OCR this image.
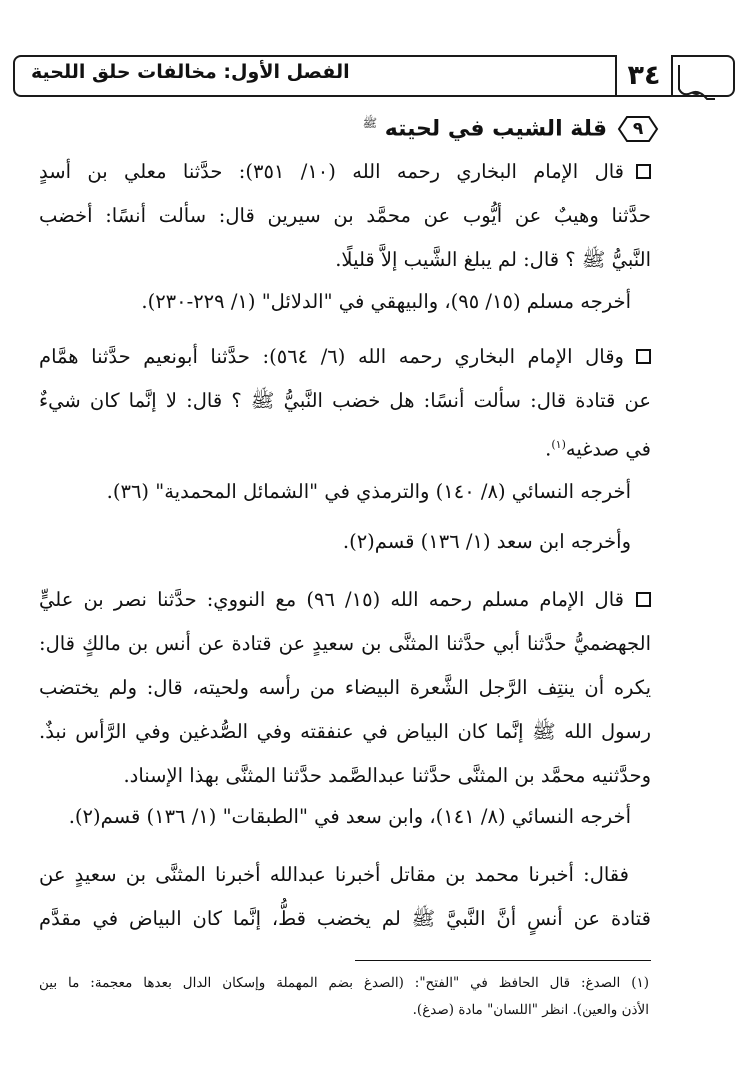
٣٤
الفصل الأول: مخالفات حلق اللحية
٩
قلة الشيب في لحيته $^ﷺ$
قال الإمام البخاري رحمه الله (١٠/ ٣٥١): حدَّثنا معلي بن أسدٍ
حدَّثنا وهيبٌ عن أيُّوب عن محمَّد بن سيرين قال: سألت أنسًا: أخضب
النَّبيُّ ﷺ ؟ قال: لم يبلغ الشَّيب إلاَّ قليلًا.
أخرجه مسلم (١٥/ ٩٥)، والبيهقي في "الدلائل" (١/ ٢٢٩-٢٣٠).
وقال الإمام البخاري رحمه الله (٦/ ٥٦٤): حدَّثنا أبونعيم حدَّثنا همَّام
عن قتادة قال: سألت أنسًا: هل خضب النَّبيُّ ﷺ ؟ قال: لا إنَّما كان شيءٌ
في صدغيه$^{(١)}$.
أخرجه النسائي (٨/ ١٤٠) والترمذي في "الشمائل المحمدية" (٣٦).
وأخرجه ابن سعد (١/ ١٣٦) قسم(٢).
قال الإمام مسلم رحمه الله (١٥/ ٩٦) مع النووي: حدَّثنا نصر بن عليٍّ
الجهضميُّ حدَّثنا أبي حدَّثنا المثنَّى بن سعيدٍ عن قتادة عن أنس بن مالكٍ قال:
يكره أن ينتِف الرَّجل الشَّعرة البيضاء من رأسه ولحيته، قال: ولم يختضب
رسول الله ﷺ إنَّما كان البياض في عنفقته وفي الصُّدغين وفي الرَّأس نبذٌ.
وحدَّثنيه محمَّد بن المثنَّى حدَّثنا عبدالصَّمد حدَّثنا المثنَّى بهذا الإسناد.
أخرجه النسائي (٨/ ١٤١)، وابن سعد في "الطبقات" (١/ ١٣٦) قسم(٢).
فقال: أخبرنا محمد بن مقاتل أخبرنا عبدالله أخبرنا المثنَّى بن سعيدٍ عن
قتادة عن أنسٍ أنَّ النَّبيَّ ﷺ لم يخضب قطُّ، إنَّما كان البياض في مقدَّم
(١) الصدغ: قال الحافظ في "الفتح": (الصدغ بضم المهملة وإسكان الدال بعدها معجمة: ما بين
الأذن والعين). انظر "اللسان" مادة (صدغ).
